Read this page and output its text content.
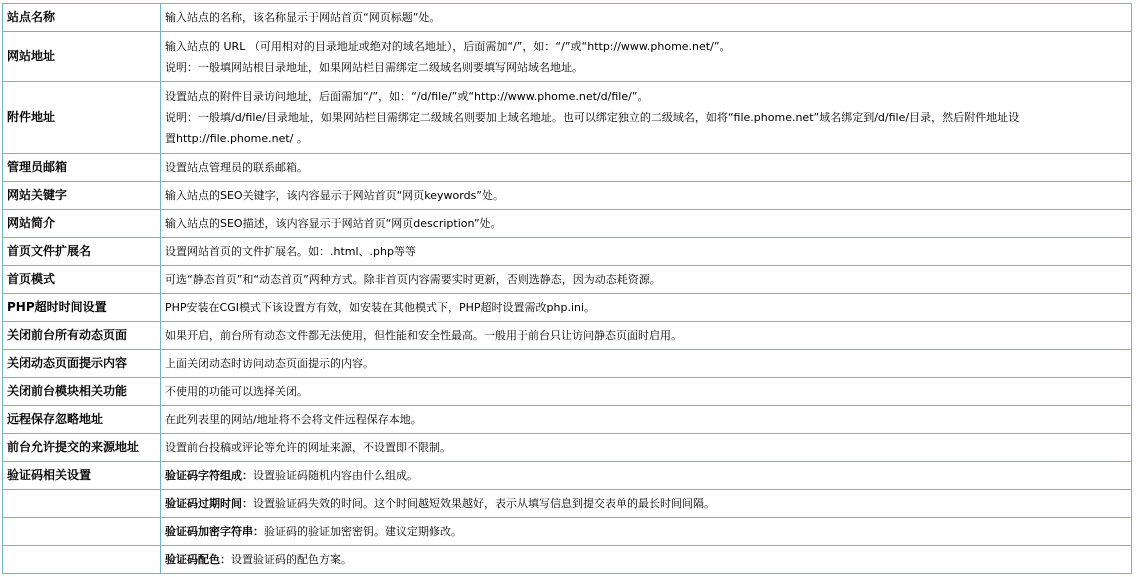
站点名称	输入站点的名称，该名称显示于网站首页“网页标题”处。

网站地址	输入站点的 URL （可用相对的目录地址或绝对的域名地址），后面需加“/”，如：“/”或“http://www.phome.net/”。
说明：一般填网站根目录地址，如果网站栏目需绑定二级域名则要填写网站域名地址。

附件地址	设置站点的附件目录访问地址，后面需加“/”，如：“/d/file/”或“http://www.phome.net/d/file/”。
说明：一般填/d/file/目录地址，如果网站栏目需绑定二级域名则要加上域名地址。也可以绑定独立的二级域名，如将“file.phome.net”域名绑定到/d/file/目录，然后附件地址设
置http://file.phome.net/ 。

管理员邮箱	设置站点管理员的联系邮箱。

网站关键字	输入站点的SEO关键字，该内容显示于网站首页“网页keywords”处。

网站简介	输入站点的SEO描述，该内容显示于网站首页“网页description”处。

首页文件扩展名	设置网站首页的文件扩展名。如：.html、.php等等

首页模式	可选“静态首页”和“动态首页”两种方式。除非首页内容需要实时更新，否则选静态，因为动态耗资源。

PHP超时时间设置	PHP安装在CGI模式下该设置方有效，如安装在其他模式下，PHP超时设置需改php.ini。

关闭前台所有动态页面	如果开启，前台所有动态文件都无法使用，但性能和安全性最高。一般用于前台只让访问静态页面时启用。

关闭动态页面提示内容	上面关闭动态时访问动态页面提示的内容。

关闭前台模块相关功能	不使用的功能可以选择关闭。

远程保存忽略地址	在此列表里的网站/地址将不会将文件远程保存本地。

前台允许提交的来源地址	设置前台投稿或评论等允许的网址来源，不设置即不限制。

验证码相关设置	验证码字符组成：设置验证码随机内容由什么组成。
	验证码过期时间：设置验证码失效的时间。这个时间越短效果越好，表示从填写信息到提交表单的最长时间间隔。
	验证码加密字符串：验证码的验证加密密钥。建议定期修改。
	验证码配色：设置验证码的配色方案。
